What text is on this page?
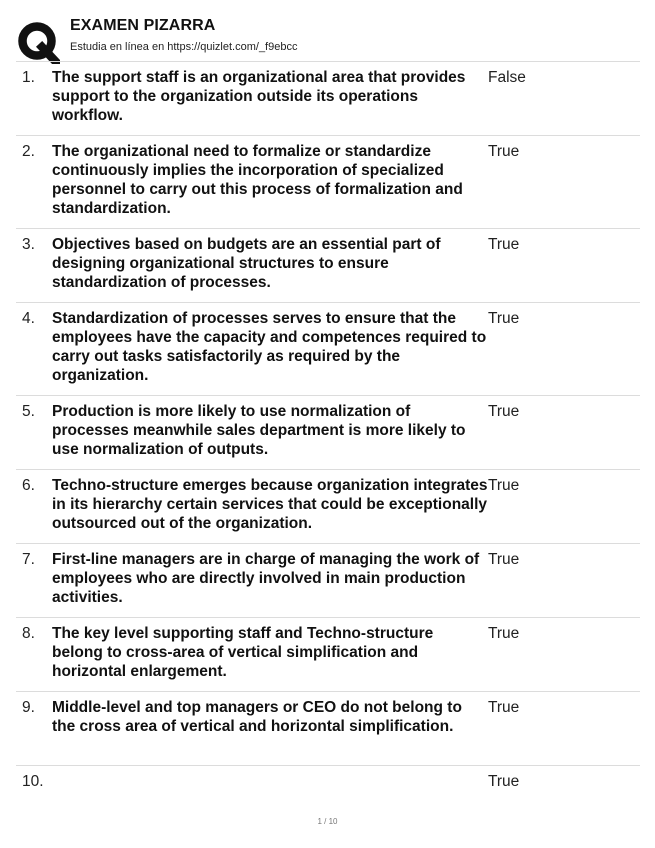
EXAMEN PIZARRA
Estudia en línea en https://quizlet.com/_f9ebcc
1. The support staff is an organizational area that provides support to the organization outside its operations workflow.

False
2. The organizational need to formalize or standardize continuously implies the incorporation of specialized personnel to carry out this process of formalization and standardization.

True
3. Objectives based on budgets are an essential part of designing organizational structures to ensure standardization of processes.

True
4. Standardization of processes serves to ensure that the employees have the capacity and competences required to carry out tasks satisfactorily as required by the organization.

True
5. Production is more likely to use normalization of processes meanwhile sales department is more likely to use normalization of outputs.

True
6. Techno-structure emerges because organization integrates in its hierarchy certain services that could be exceptionally outsourced out of the organization.

True
7. First-line managers are in charge of managing the work of employees who are directly involved in main production activities.

True
8. The key level supporting staff and Techno-structure belong to cross-area of vertical simplification and horizontal enlargement.

True
9. Middle-level and top managers or CEO do not belong to the cross area of vertical and horizontal simplification.

True
10.	True
1 / 10
